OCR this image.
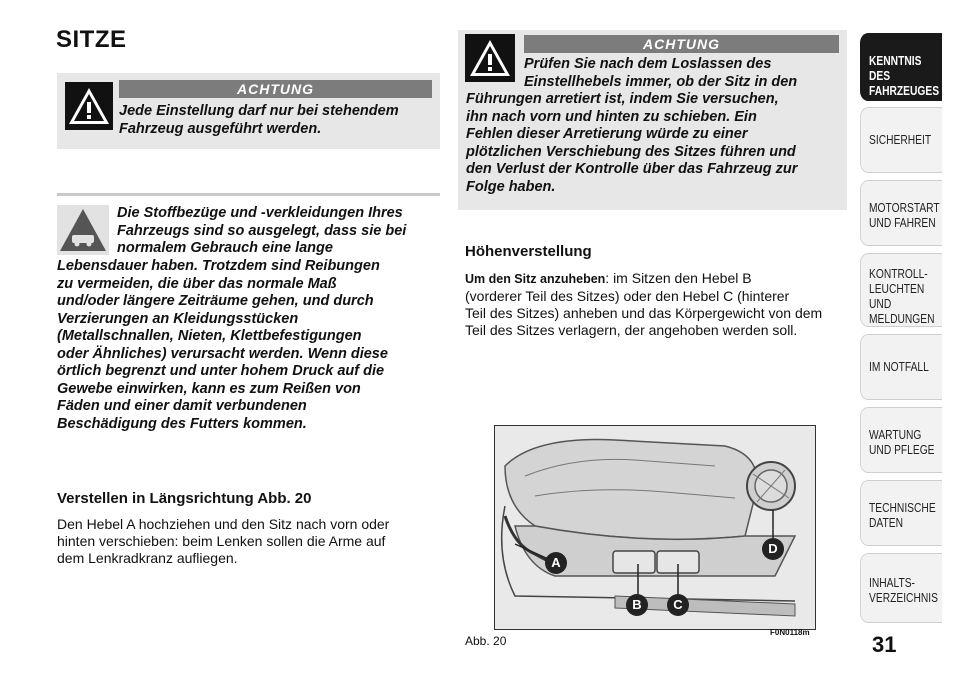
SITZE
ACHTUNG

Jede Einstellung darf nur bei stehendem

Fahrzeug ausgeführt werden.

Die Stoffbezüge und -verkleidungen Ihres

Fahrzeugs sind so ausgelegt, dass sie bei

normalem Gebrauch eine lange

Lebensdauer haben. Trotzdem sind Reibungen

zu vermeiden, die über das normale Maß

und/oder längere Zeiträume gehen, und durch

Verzierungen an Kleidungsstücken

(Metallschnallen, Nieten, Klettbefestigungen

oder Ähnliches) verursacht werden. Wenn diese

örtlich begrenzt und unter hohem Druck auf die

Gewebe einwirken, kann es zum Reißen von

Fäden und einer damit verbundenen

Beschädigung des Futters kommen.

Verstellen in Längsrichtung Abb. 20

Den Hebel A hochziehen und den Sitz nach vorn oder

hinten verschieben: beim Lenken sollen die Arme auf

dem Lenkradkranz aufliegen.

ACHTUNG

Prüfen Sie nach dem Loslassen des

Einstellhebels immer, ob der Sitz in den

Führungen arretiert ist, indem Sie versuchen,

ihn nach vorn und hinten zu schieben. Ein

Fehlen dieser Arretierung würde zu einer

plötzlichen Verschiebung des Sitzes führen und

den Verlust der Kontrolle über das Fahrzeug zur

Folge haben.

Höhenverstellung

Um den Sitz anzuheben: im Sitzen den Hebel B

(vorderer Teil des Sitzes) oder den Hebel C (hinterer

Teil des Sitzes) anheben und das Körpergewicht von dem

Teil des Sitzes verlagern, der angehoben werden soll.

A
B	C
D
F0N0118m
Abb. 20
KENNTNIS
DES FAHRZEUGES
SICHERHEIT
MOTORSTART
UND FAHREN
KONTROLL-
LEUCHTEN
UND MELDUNGEN
IM NOTFALL
WARTUNG
UND PFLEGE
TECHNISCHE
DATEN
INHALTS-
VERZEICHNIS
31
